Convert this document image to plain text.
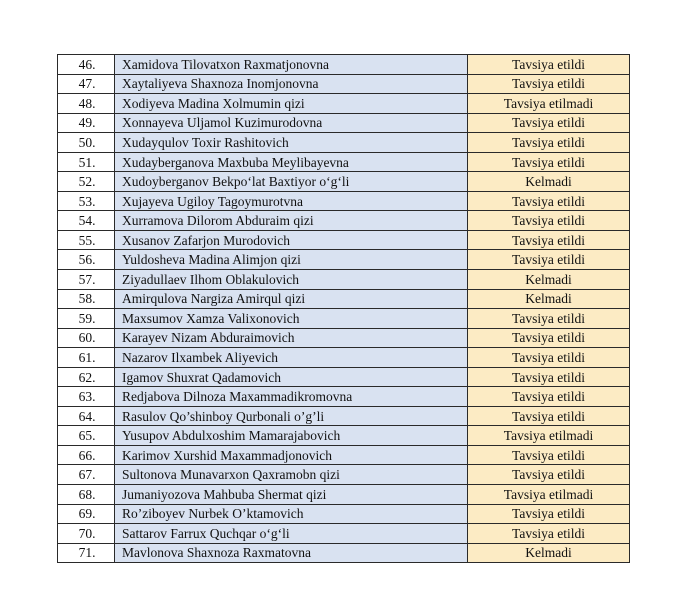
46.	Xamidova Tilovatxon Raxmatjonovna	Tavsiya etildi
47.	Xaytaliyeva Shaxnoza Inomjonovna	Tavsiya etildi
48.	Xodiyeva Madina Xolmumin qizi	Tavsiya etilmadi
49.	Xonnayeva Uljamol Kuzimurodovna	Tavsiya etildi
50.	Xudayqulov Toxir Rashitovich	Tavsiya etildi
51.	Xudayberganova Maxbuba Meylibayevna	Tavsiya etildi
52.	Xudoyberganov Bekpo‘lat Baxtiyor o‘g‘li	Kelmadi
53.	Xujayeva Ugiloy Tagoymurotvna	Tavsiya etildi
54.	Xurramova Dilorom Abduraim qizi	Tavsiya etildi
55.	Xusanov Zafarjon Murodovich	Tavsiya etildi
56.	Yuldosheva Madina Alimjon qizi	Tavsiya etildi
57.	Ziyadullaev Ilhom Oblakulovich	Kelmadi
58.	Amirqulova Nargiza Amirqul qizi	Kelmadi
59.	Maxsumov Xamza Valixonovich	Tavsiya etildi
60.	Karayev Nizam Abduraimovich	Tavsiya etildi
61.	Nazarov Ilxambek Aliyevich	Tavsiya etildi
62.	Igamov Shuxrat Qadamovich	Tavsiya etildi
63.	Redjabova Dilnoza Maxammadikromovna	Tavsiya etildi
64.	Rasulov Qo’shinboy Qurbonali o’g’li	Tavsiya etildi
65.	Yusupov Abdulxoshim Mamarajabovich	Tavsiya etilmadi
66.	Karimov Xurshid Maxammadjonovich	Tavsiya etildi
67.	Sultonova Munavarxon Qaxramobn qizi	Tavsiya etildi
68.	Jumaniyozova Mahbuba Shermat qizi	Tavsiya etilmadi
69.	Ro’ziboyev Nurbek O’ktamovich	Tavsiya etildi
70.	Sattarov Farrux Quchqar o‘g‘li	Tavsiya etildi
71.	Mavlonova Shaxnoza Raxmatovna	Kelmadi
